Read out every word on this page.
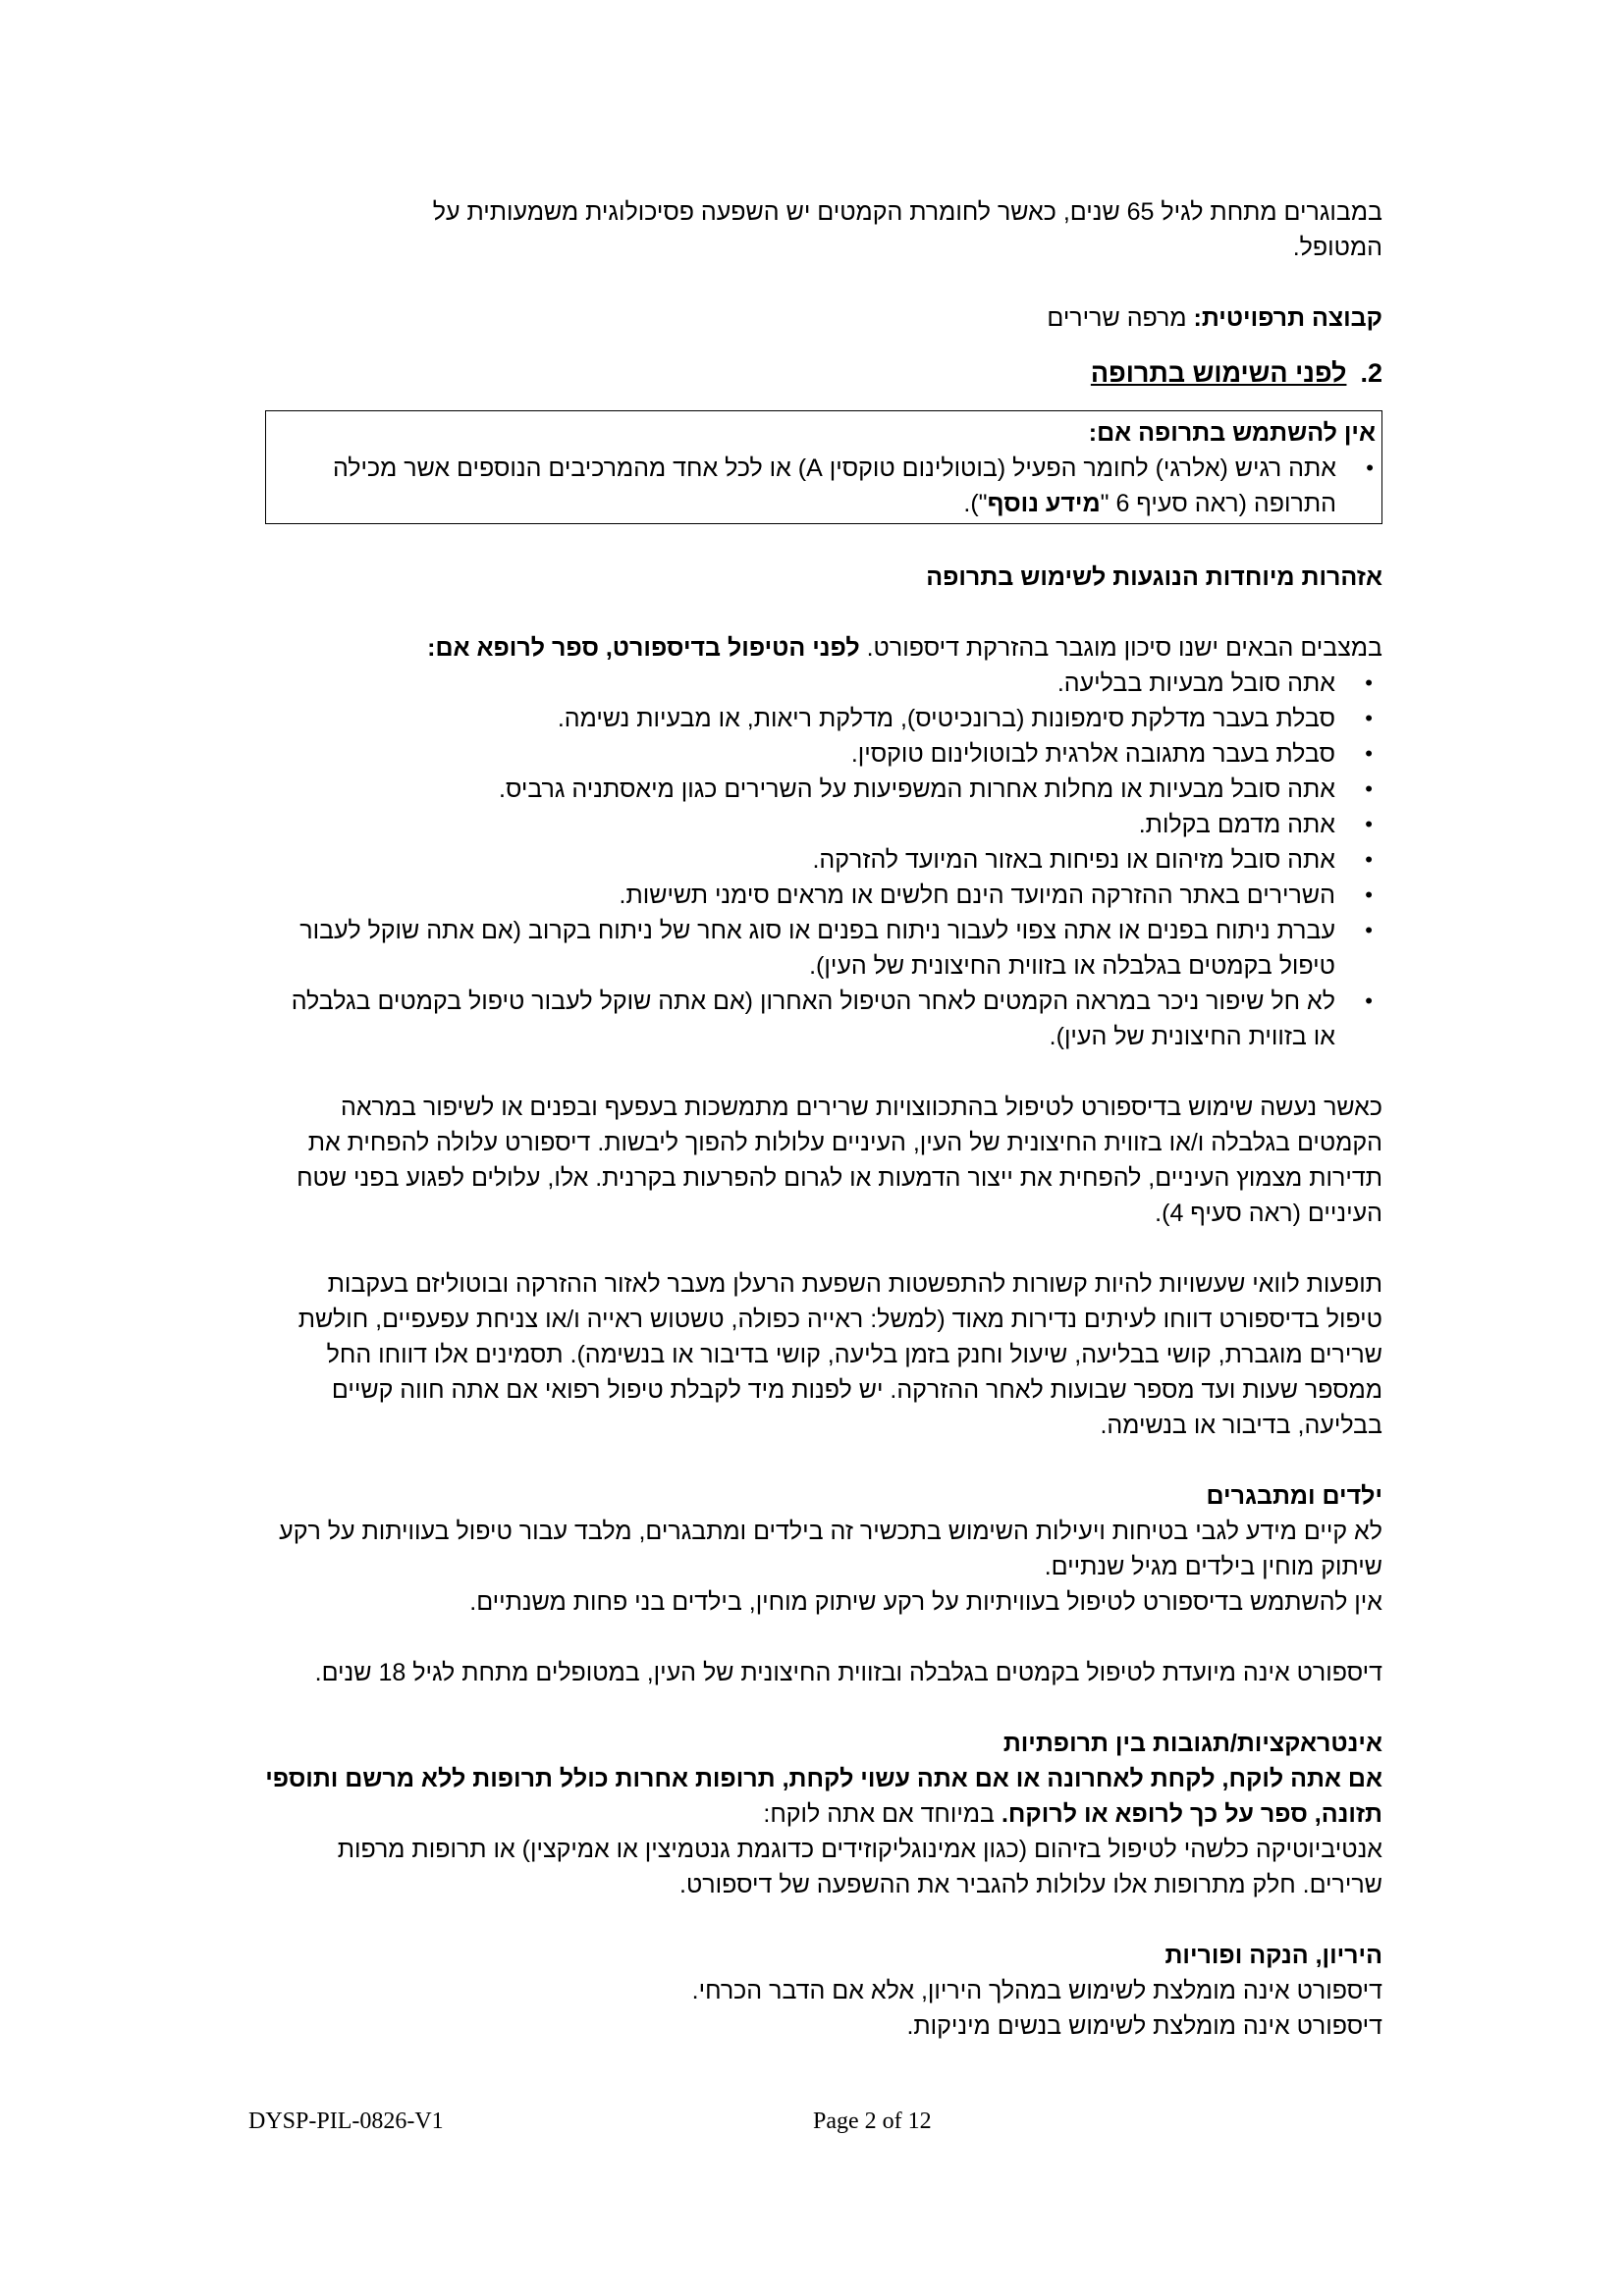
במבוגרים מתחת לגיל 65 שנים, כאשר לחומרת הקמטים יש השפעה פסיכולוגית משמעותית על

המטופל.

קבוצה תרפויטית: מרפה שרירים

2.
לפני השימוש בתרופה

אין להשתמש בתרופה אם:

• אתה רגיש (אלרגי) לחומר הפעיל (בוטולינום טוקסין A) או לכל אחד מהמרכיבים הנוספים אשר מכילה התרופה (ראה סעיף 6 "מידע נוסף").

אזהרות מיוחדות הנוגעות לשימוש בתרופה

במצבים הבאים ישנו סיכון מוגבר בהזרקת דיספורט. לפני הטיפול בדיספורט, ספר לרופא אם:

• אתה סובל מבעיות בבליעה.
• סבלת בעבר מדלקת סימפונות (ברונכיטיס), מדלקת ריאות, או מבעיות נשימה.
• סבלת בעבר מתגובה אלרגית לבוטולינום טוקסין.
• אתה סובל מבעיות או מחלות אחרות המשפיעות על השרירים כגון מיאסתניה גרביס.
• אתה מדמם בקלות.
• אתה סובל מזיהום או נפיחות באזור המיועד להזרקה.
• השרירים באתר ההזרקה המיועד הינם חלשים או מראים סימני תשישות.
• עברת ניתוח בפנים או אתה צפוי לעבור ניתוח בפנים או סוג אחר של ניתוח בקרוב (אם אתה שוקל לעבור טיפול בקמטים בגלבלה או בזווית החיצונית של העין).
• לא חל שיפור ניכר במראה הקמטים לאחר הטיפול האחרון (אם אתה שוקל לעבור טיפול בקמטים בגלבלה או בזווית החיצונית של העין).

כאשר נעשה שימוש בדיספורט לטיפול בהתכווצויות שרירים מתמשכות בעפעף ובפנים או לשיפור במראה הקמטים בגלבלה ו/או בזווית החיצונית של העין, העיניים עלולות להפוך ליבשות. דיספורט עלולה להפחית את תדירות מצמוץ העיניים, להפחית את ייצור הדמעות או לגרום להפרעות בקרנית. אלו, עלולים לפגוע בפני שטח העיניים (ראה סעיף 4).

תופעות לוואי שעשויות להיות קשורות להתפשטות השפעת הרעלן מעבר לאזור ההזרקה ובוטוליזם בעקבות טיפול בדיספורט דווחו לעיתים נדירות מאוד (למשל: ראייה כפולה, טשטוש ראייה ו/או צניחת עפעפיים, חולשת שרירים מוגברת, קושי בבליעה, שיעול וחנק בזמן בליעה, קושי בדיבור או בנשימה). תסמינים אלו דווחו החל ממספר שעות ועד מספר שבועות לאחר ההזרקה. יש לפנות מיד לקבלת טיפול רפואי אם אתה חווה קשיים בבליעה, בדיבור או בנשימה.

ילדים ומתבגרים

לא קיים מידע לגבי בטיחות ויעילות השימוש בתכשיר זה בילדים ומתבגרים, מלבד עבור טיפול בעוויתות על רקע שיתוק מוחין בילדים מגיל שנתיים.

אין להשתמש בדיספורט לטיפול בעוויתיות על רקע שיתוק מוחין, בילדים בני פחות משנתיים.

דיספורט אינה מיועדת לטיפול בקמטים בגלבלה ובזווית החיצונית של העין, במטופלים מתחת לגיל 18 שנים.

אינטראקציות/תגובות בין תרופתיות

אם אתה לוקח, לקחת לאחרונה או אם אתה עשוי לקחת, תרופות אחרות כולל תרופות ללא מרשם ותוספי תזונה, ספר על כך לרופא או לרוקח. במיוחד אם אתה לוקח:

אנטיביוטיקה כלשהי לטיפול בזיהום (כגון אמינוגליקוזידים כדוגמת גנטמיצין או אמיקצין) או תרופות מרפות שרירים. חלק מתרופות אלו עלולות להגביר את ההשפעה של דיספורט.

היריון, הנקה ופוריות

דיספורט אינה מומלצת לשימוש במהלך היריון, אלא אם הדבר הכרחי.

דיספורט אינה מומלצת לשימוש בנשים מיניקות.

DYSP-PIL-0826-V1	Page 2 of 12
